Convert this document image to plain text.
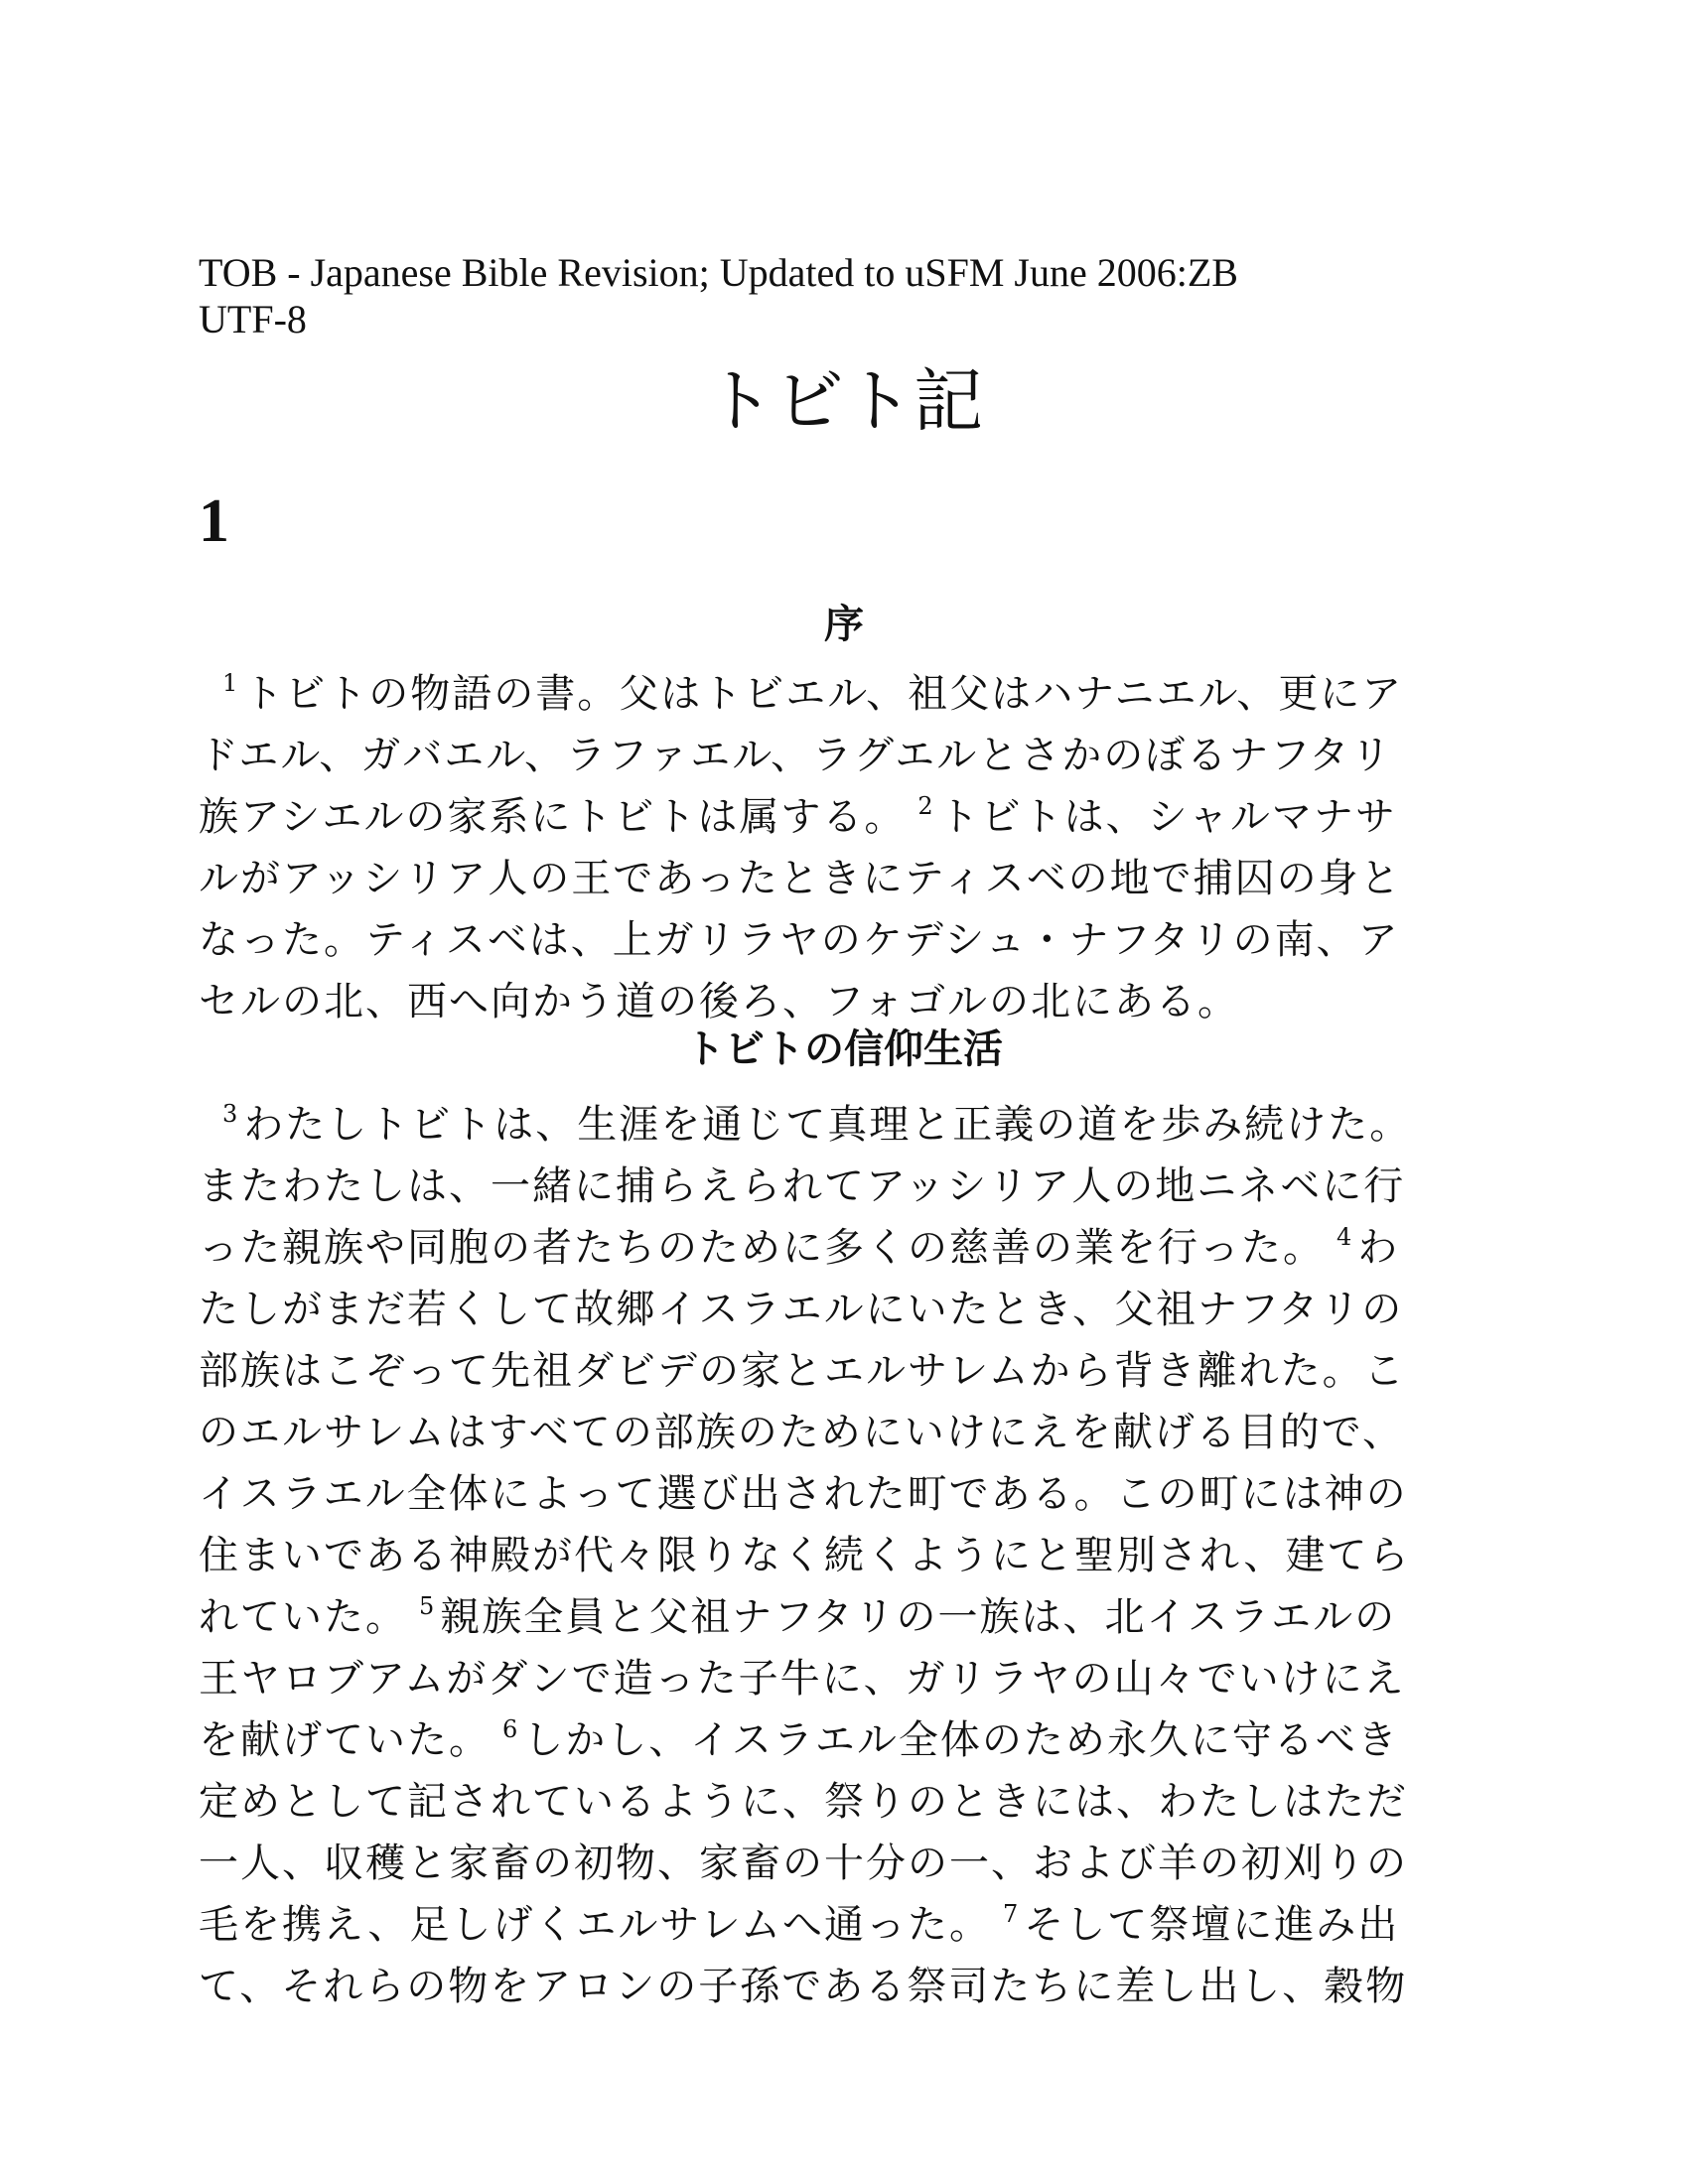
TOB - Japanese Bible Revision; Updated to uSFM June 2006:ZB
UTF-8
トビト記
1
序
$^1$ トビトの物語の書。父はトビエル、祖父はハナニエル、更にア
ドエル、ガバエル、ラファエル、ラグエルとさかのぼるナフタリ
族アシエルの家系にトビトは属する。 $^2$ トビトは、シャルマナサ
ルがアッシリア人の王であったときにティスベの地で捕囚の身と
なった。ティスベは、上ガリラヤのケデシュ・ナフタリの南、ア
セルの北、西へ向かう道の後ろ、フォゴルの北にある。
トビトの信仰生活
$^3$ わたしトビトは、生涯を通じて真理と正義の道を歩み続けた。
またわたしは、一緒に捕らえられてアッシリア人の地ニネベに行
った親族や同胞の者たちのために多くの慈善の業を行った。 $^4$ わ
たしがまだ若くして故郷イスラエルにいたとき、父祖ナフタリの
部族はこぞって先祖ダビデの家とエルサレムから背き離れた。こ
のエルサレムはすべての部族のためにいけにえを献げる目的で、
イスラエル全体によって選び出された町である。この町には神の
住まいである神殿が代々限りなく続くようにと聖別され、建てら
れていた。 $^5$ 親族全員と父祖ナフタリの一族は、北イスラエルの
王ヤロブアムがダンで造った子牛に、ガリラヤの山々でいけにえ
を献げていた。 $^6$ しかし、イスラエル全体のため永久に守るべき
定めとして記されているように、祭りのときには、わたしはただ
一人、収穫と家畜の初物、家畜の十分の一、および羊の初刈りの
毛を携え、足しげくエルサレムへ通った。 $^7$ そして祭壇に進み出
て、それらの物をアロンの子孫である祭司たちに差し出し、穀物
